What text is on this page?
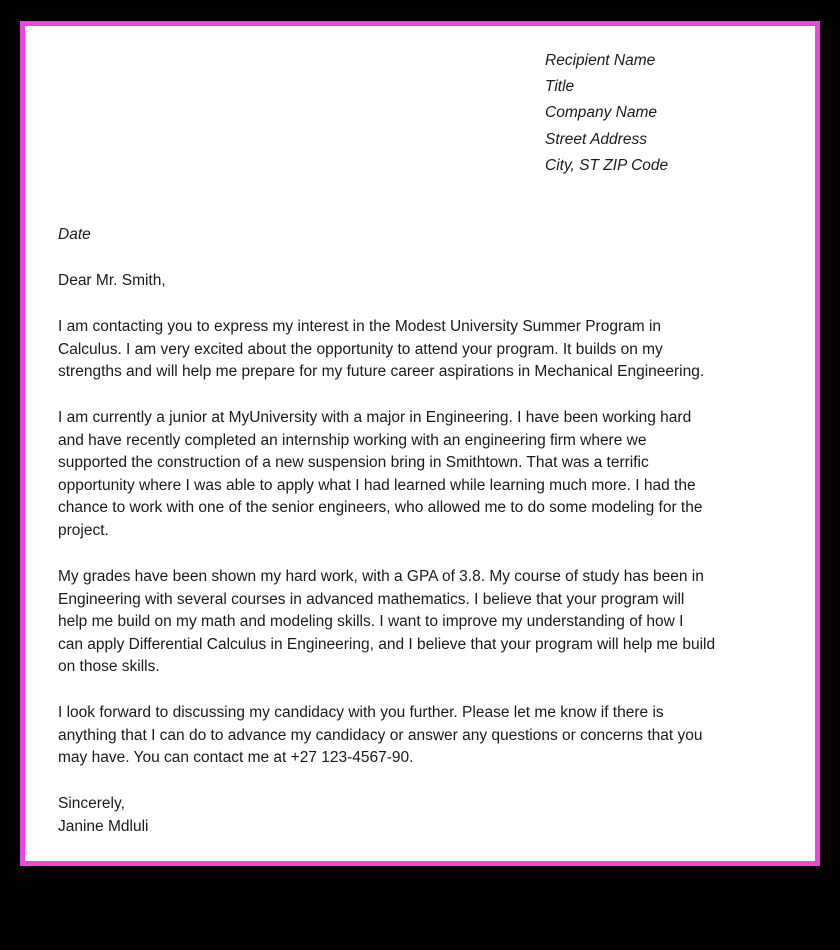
Recipient Name
Title
Company Name
Street Address
City, ST ZIP Code
Date
Dear Mr. Smith,
I am contacting you to express my interest in the Modest University Summer Program in
Calculus. I am very excited about the opportunity to attend your program. It builds on my
strengths and will help me prepare for my future career aspirations in Mechanical Engineering.
I am currently a junior at MyUniversity with a major in Engineering. I have been working hard
and have recently completed an internship working with an engineering firm where we
supported the construction of a new suspension bring in Smithtown. That was a terrific
opportunity where I was able to apply what I had learned while learning much more. I had the
chance to work with one of the senior engineers, who allowed me to do some modeling for the
project.
My grades have been shown my hard work, with a GPA of 3.8. My course of study has been in
Engineering with several courses in advanced mathematics. I believe that your program will
help me build on my math and modeling skills. I want to improve my understanding of how I
can apply Differential Calculus in Engineering, and I believe that your program will help me build
on those skills.
I look forward to discussing my candidacy with you further. Please let me know if there is
anything that I can do to advance my candidacy or answer any questions or concerns that you
may have. You can contact me at +27 123-4567-90.
Sincerely,
Janine Mdluli
